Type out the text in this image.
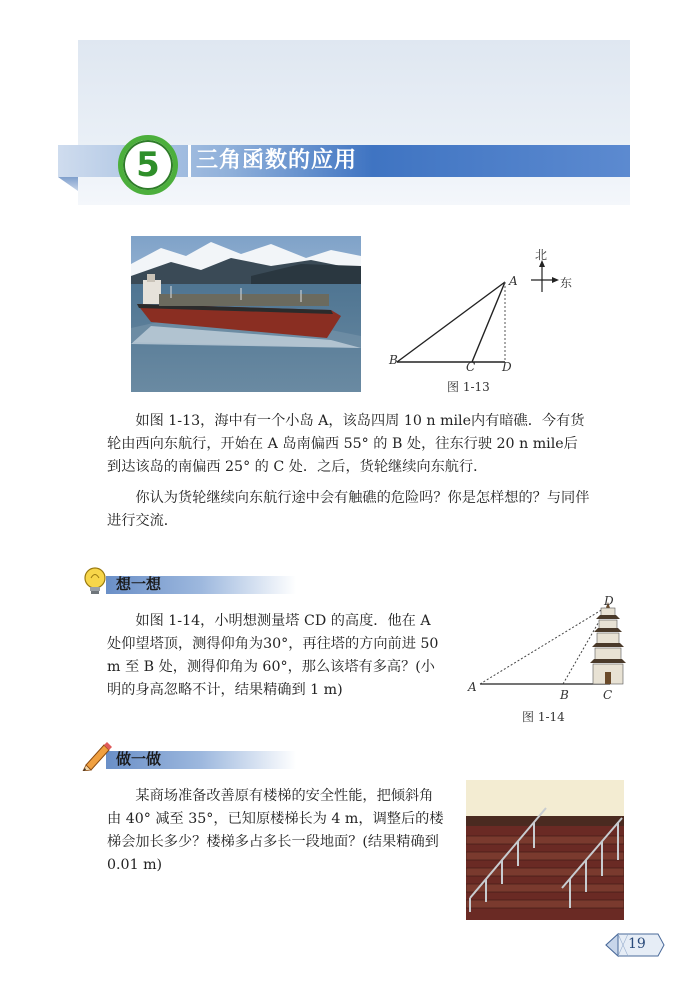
5 三角函数的应用
北
东
A
B	C D
图 1-13
如图 1-13，海中有一个小岛 A，该岛四周 10 n mile内有暗礁．今有货轮由西向东航行，开始在 A 岛南偏西 55° 的 B 处，往东行驶 20 n mile后到达该岛的南偏西 25° 的 C 处．之后，货轮继续向东航行．
你认为货轮继续向东航行途中会有触礁的危险吗？你是怎样想的？与同伴进行交流．
想一想
如图 1-14，小明想测量塔 CD 的高度．他在 A 处仰望塔顶，测得仰角为30°，再往塔的方向前进 50 m 至 B 处，测得仰角为 60°，那么该塔有多高？(小明的身高忽略不计，结果精确到 1 m)
D
A
B	C
图 1-14
做一做
某商场准备改善原有楼梯的安全性能，把倾斜角由 40° 减至 35°，已知原楼梯长为 4 m，调整后的楼梯会加长多少？楼梯多占多长一段地面？(结果精确到 0.01 m)
19
